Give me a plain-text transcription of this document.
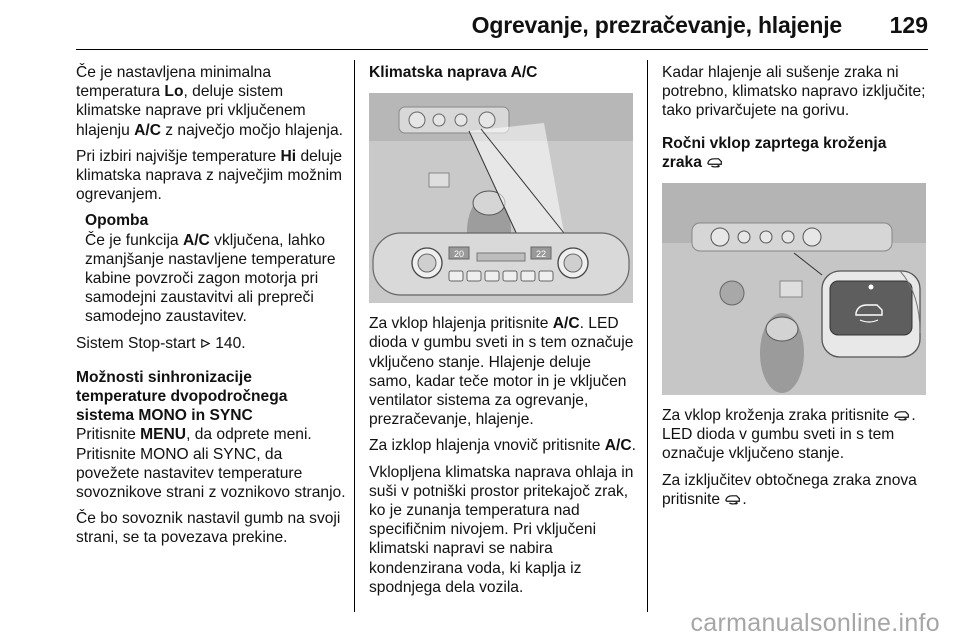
Ogrevanje, prezračevanje, hlajenje 129

Če je nastavljena minimalna temperatura Lo, deluje sistem klimatske naprave pri vključenem hlajenju A/C z največjo močjo hlajenja.

Pri izbiri najvišje temperature Hi deluje klimatska naprava z največjim možnim ogrevanjem.

Opomba
Če je funkcija A/C vključena, lahko zmanjšanje nastavljene temperature kabine povzroči zagon motorja pri samodejni zaustavitvi ali prepreči samodejno zaustavitev.

Sistem Stop-start  140.

Možnosti sinhronizacije temperature dvopodročnega sistema MONO in SYNC

Pritisnite MENU, da odprete meni. Pritisnite MONO ali SYNC, da povežete nastavitev temperature sovoznikove strani z voznikovo stranjo.

Če bo sovoznik nastavil gumb na svoji strani, se ta povezava prekine.

Klimatska naprava A/C
20	22

Za vklop hlajenja pritisnite A/C. LED dioda v gumbu sveti in s tem označuje vključeno stanje. Hlajenje deluje samo, kadar teče motor in je vključen ventilator sistema za ogrevanje, prezračevanje, hlajenje.

Za izklop hlajenja vnovič pritisnite A/C.

Vklopljena klimatska naprava ohlaja in suši v potniški prostor pritekajoč zrak, ko je zunanja temperatura nad specifičnim nivojem. Pri vključeni klimatski napravi se nabira kondenzirana voda, ki kaplja iz spodnjega dela vozila.

Kadar hlajenje ali sušenje zraka ni potrebno, klimatsko napravo izključite; tako privarčujete na gorivu.

Ročni vklop zaprtega kroženja zraka

Za vklop kroženja zraka pritisnite . LED dioda v gumbu sveti in s tem označuje vključeno stanje.

Za izključitev obtočnega zraka znova pritisnite .

carmanualsonline.info
